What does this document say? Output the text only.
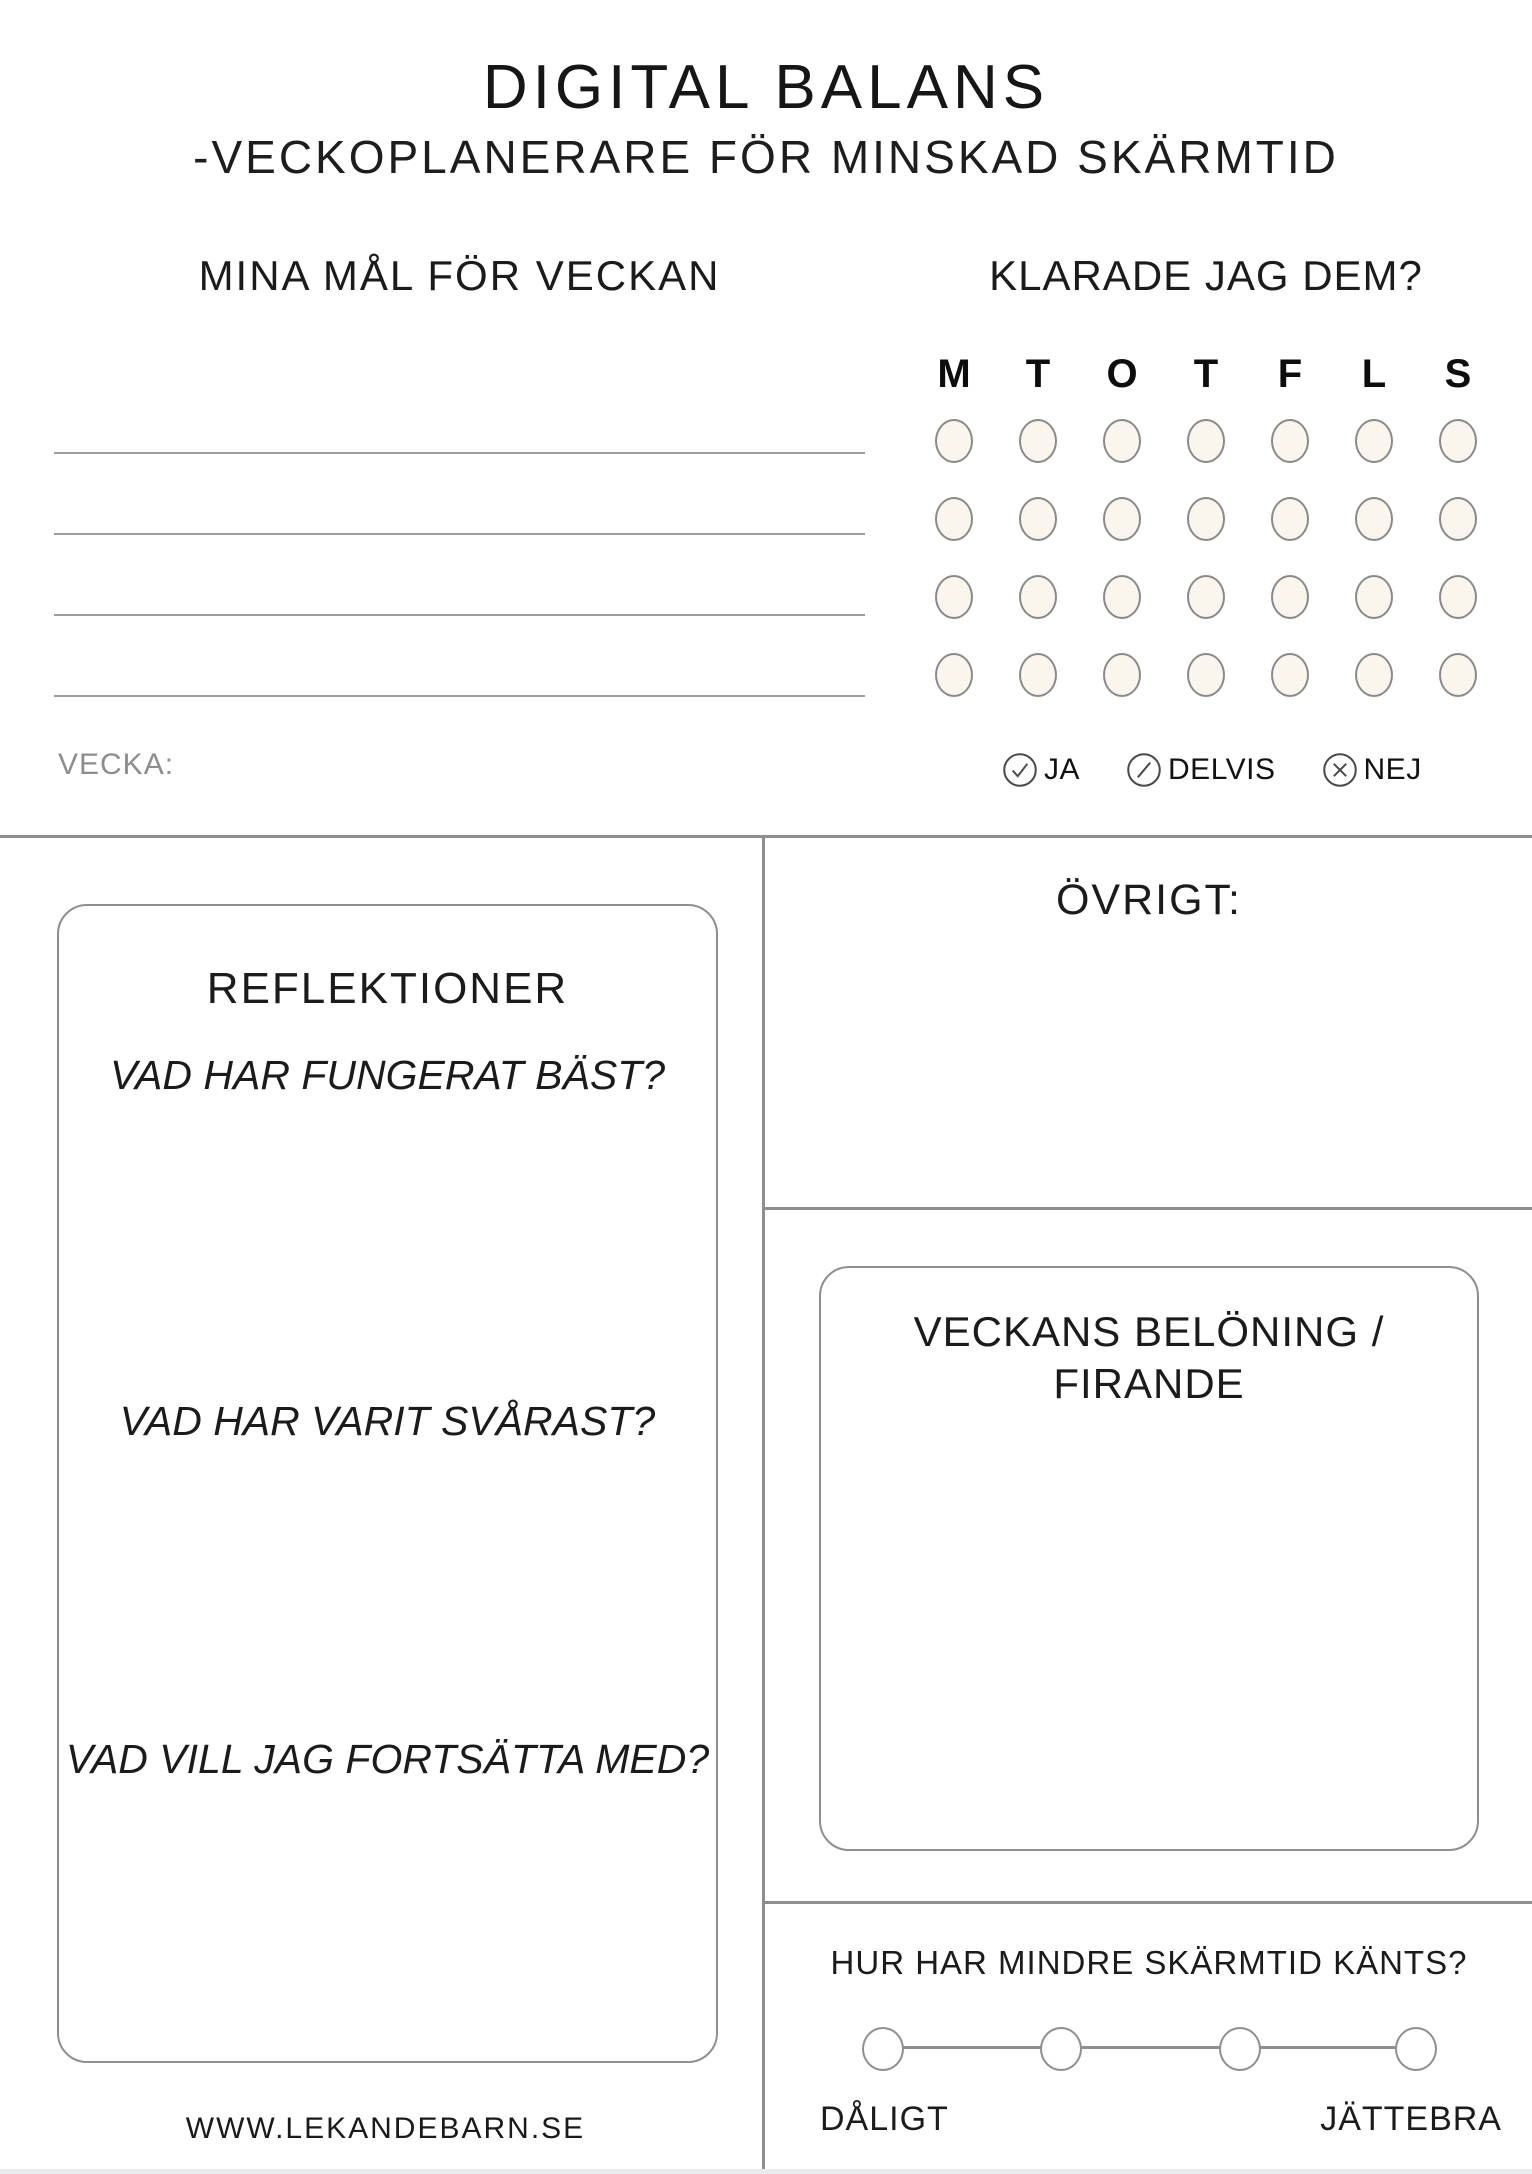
DIGITAL BALANS
-VECKOPLANERARE FÖR MINSKAD SKÄRMTID
MINA MÅL FÖR VECKAN	KLARADE JAG DEM?
M	T	O	T	F	L	S
VECKA:	JA	DELVIS	NEJ
REFLEKTIONER
VAD HAR FUNGERAT BÄST?
VAD HAR VARIT SVÅRAST?
VAD VILL JAG FORTSÄTTA MED?
WWW.LEKANDEBARN.SE
ÖVRIGT:
VECKANS BELÖNING /
FIRANDE
HUR HAR MINDRE SKÄRMTID KÄNTS?
DÅLIGT	JÄTTEBRA
